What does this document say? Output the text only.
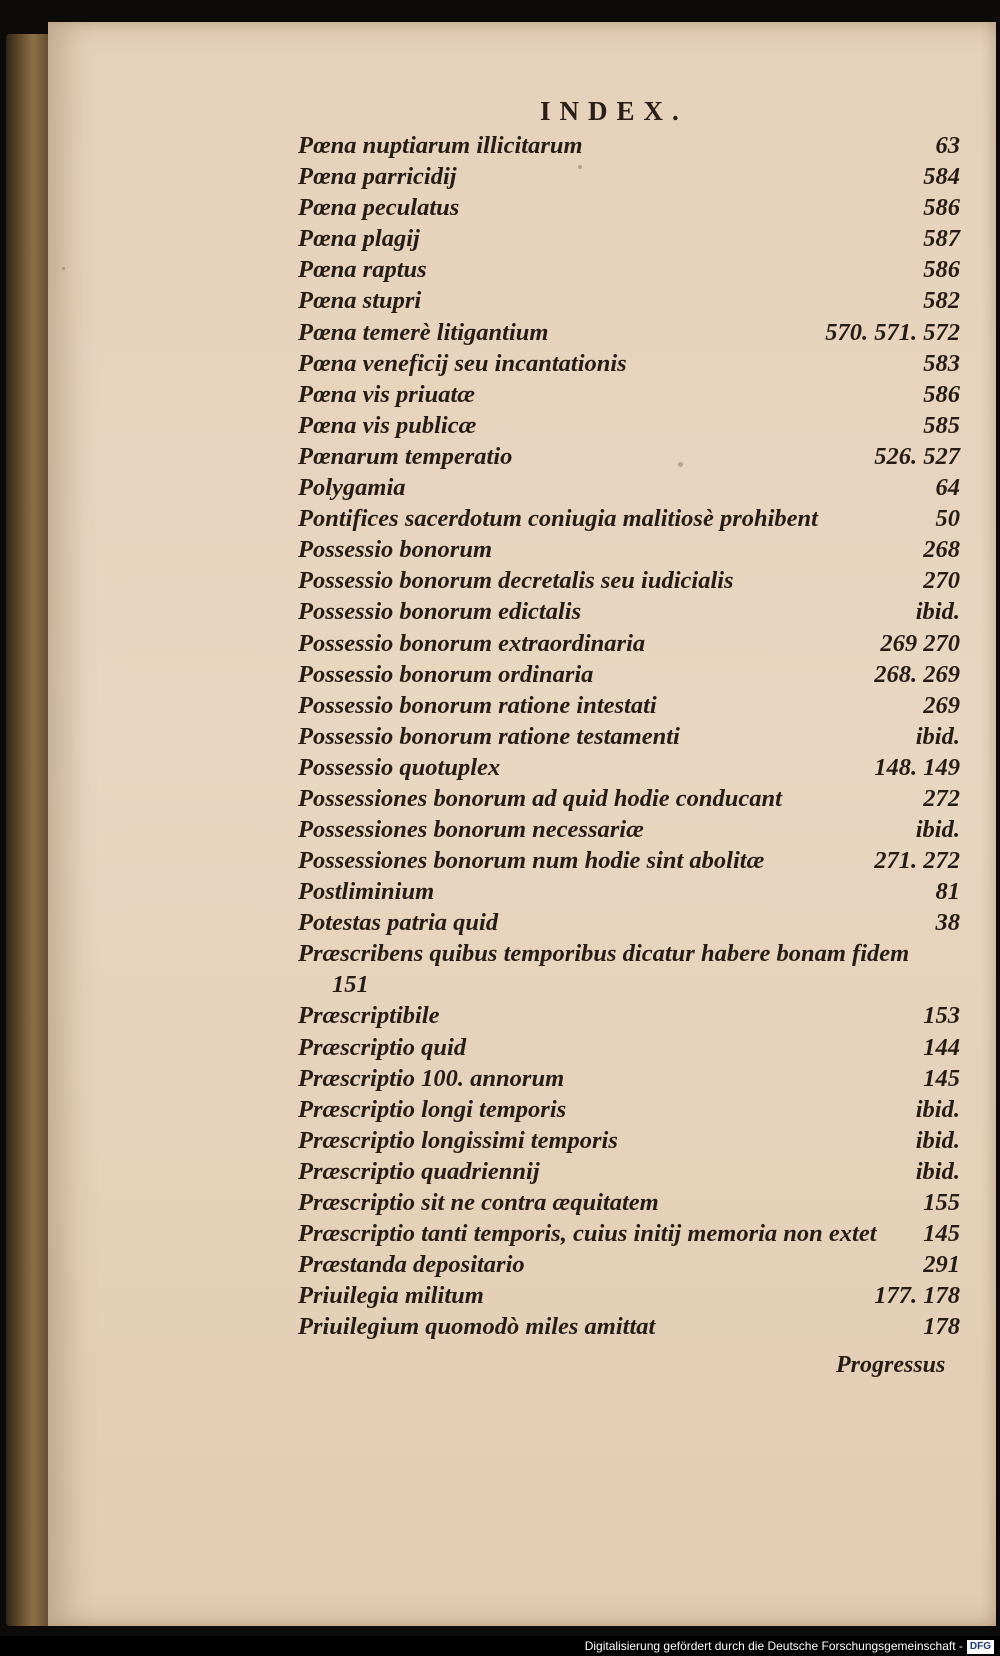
INDEX.
Pœna nuptiarum illicitarum	63
Pœna parricidij	584
Pœna peculatus	586
Pœna plagij	587
Pœna raptus	586
Pœna stupri	582
Pœna temerè litigantium	570. 571. 572
Pœna veneficij seu incantationis	583
Pœna vis priuatæ	586
Pœna vis publicæ	585
Pœnarum temperatio	526. 527
Polygamia	64
Pontifices sacerdotum coniugia malitiosè prohibent	50
Possessio bonorum	268
Possessio bonorum decretalis seu iudicialis	270
Possessio bonorum edictalis	ibid.
Possessio bonorum extraordinaria	269 270
Possessio bonorum ordinaria	268. 269
Possessio bonorum ratione intestati	269
Possessio bonorum ratione testamenti	ibid.
Possessio quotuplex	148. 149
Possessiones bonorum ad quid hodie conducant	272
Possessiones bonorum necessariæ	ibid.
Possessiones bonorum num hodie sint abolitæ	271. 272
Postliminium	81
Potestas patria quid	38
Præscribens quibus temporibus dicatur habere bonam fidem
151
Præscriptibile	153
Præscriptio quid	144
Præscriptio 100. annorum	145
Præscriptio longi temporis	ibid.
Præscriptio longissimi temporis	ibid.
Præscriptio quadriennij	ibid.
Præscriptio sit ne contra æquitatem	155
Præscriptio tanti temporis, cuius initij memoria non extet 145
Præstanda depositario	291
Priuilegia militum	177. 178
Priuilegium quomodò miles amittat	178
Progressus
Digitalisierung gefördert durch die Deutsche Forschungsgemeinschaft - DFG
